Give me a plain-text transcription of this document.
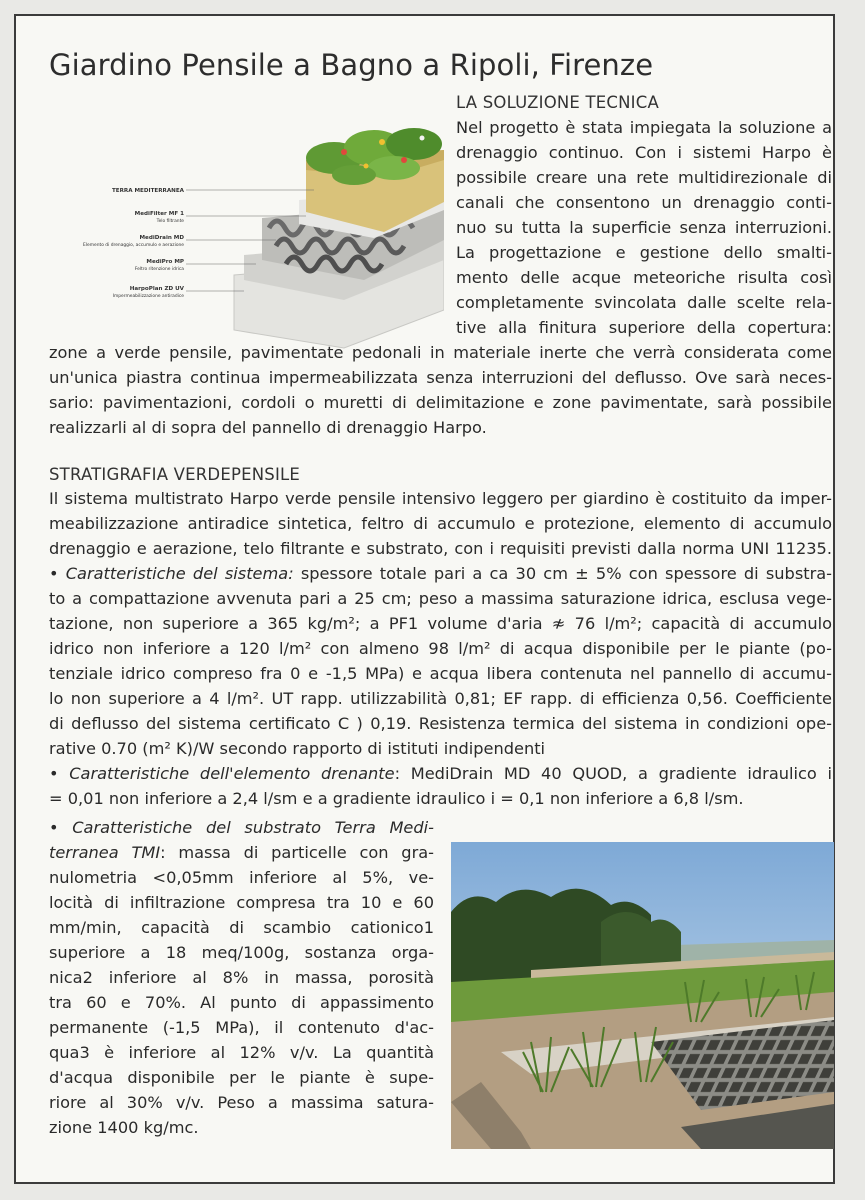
Giardino Pensile a Bagno a Ripoli, Firenze
TERRA MEDITERRANEA
MediFilter MF 1
Telo filtrante
MediDrain MD
Elemento di drenaggio, accumulo e aerazione
MediPro MP
Feltro ritenzione idrica
HarpoPlan ZD UV
Impermeabilizzazione antiradice
LA SOLUZIONE TECNICA
Nel progetto è stata impiegata la soluzione a
drenaggio continuo. Con i sistemi Harpo è
possibile creare una rete multidirezionale di
canali che consentono un drenaggio conti-
nuo su tutta la superficie senza interruzioni.
La progettazione e gestione dello smalti-
mento delle acque meteoriche risulta così
completamente svincolata dalle scelte rela-
tive alla finitura superiore della copertura:
zone a verde pensile, pavimentate pedonali in materiale inerte che verrà considerata come
un'unica piastra continua impermeabilizzata senza interruzioni del deflusso. Ove sarà neces-
sario: pavimentazioni, cordoli o muretti di delimitazione e zone pavimentate, sarà possibile
realizzarli al di sopra del pannello di drenaggio Harpo.
STRATIGRAFIA VERDEPENSILE
Il sistema multistrato Harpo verde pensile intensivo leggero per giardino è costituito da imper-
meabilizzazione antiradice sintetica, feltro di accumulo e protezione, elemento di accumulo
drenaggio e aerazione, telo filtrante e substrato, con i requisiti previsti dalla norma UNI 11235.
• Caratteristiche del sistema: spessore totale pari a ca 30 cm ± 5% con spessore di substra-
to a compattazione avvenuta pari a 25 cm; peso a massima saturazione idrica, esclusa vege-
tazione, non superiore a 365 kg/m²; a PF1 volume d'aria ≉ 76 l/m²; capacità di accumulo
idrico non inferiore a 120 l/m² con almeno 98 l/m² di acqua disponibile per le piante (po-
tenziale idrico compreso fra 0 e -1,5 MPa) e acqua libera contenuta nel pannello di accumu-
lo non superiore a 4 l/m². UT rapp. utilizzabilità 0,81; EF rapp. di efficienza 0,56. Coefficiente
di deflusso del sistema certificato C ) 0,19. Resistenza termica del sistema in condizioni ope-
rative 0.70 (m² K)/W secondo rapporto di istituti indipendenti
• Caratteristiche dell'elemento drenante: MediDrain MD 40 QUOD, a gradiente idraulico i
= 0,01 non inferiore a 2,4 l/sm e a gradiente idraulico i = 0,1 non inferiore a 6,8 l/sm.
• Caratteristiche del substrato Terra Medi-
terranea TMI: massa di particelle con gra-
nulometria <0,05mm inferiore al 5%, ve-
locità di infiltrazione compresa tra 10 e 60
mm/min, capacità di scambio cationico1
superiore a 18 meq/100g, sostanza orga-
nica2 inferiore al 8% in massa, porosità
tra 60 e 70%. Al punto di appassimento
permanente (-1,5 MPa), il contenuto d'ac-
qua3 è inferiore al 12% v/v. La quantità
d'acqua disponibile per le piante è supe-
riore al 30% v/v. Peso a massima satura-
zione 1400 kg/mc.
